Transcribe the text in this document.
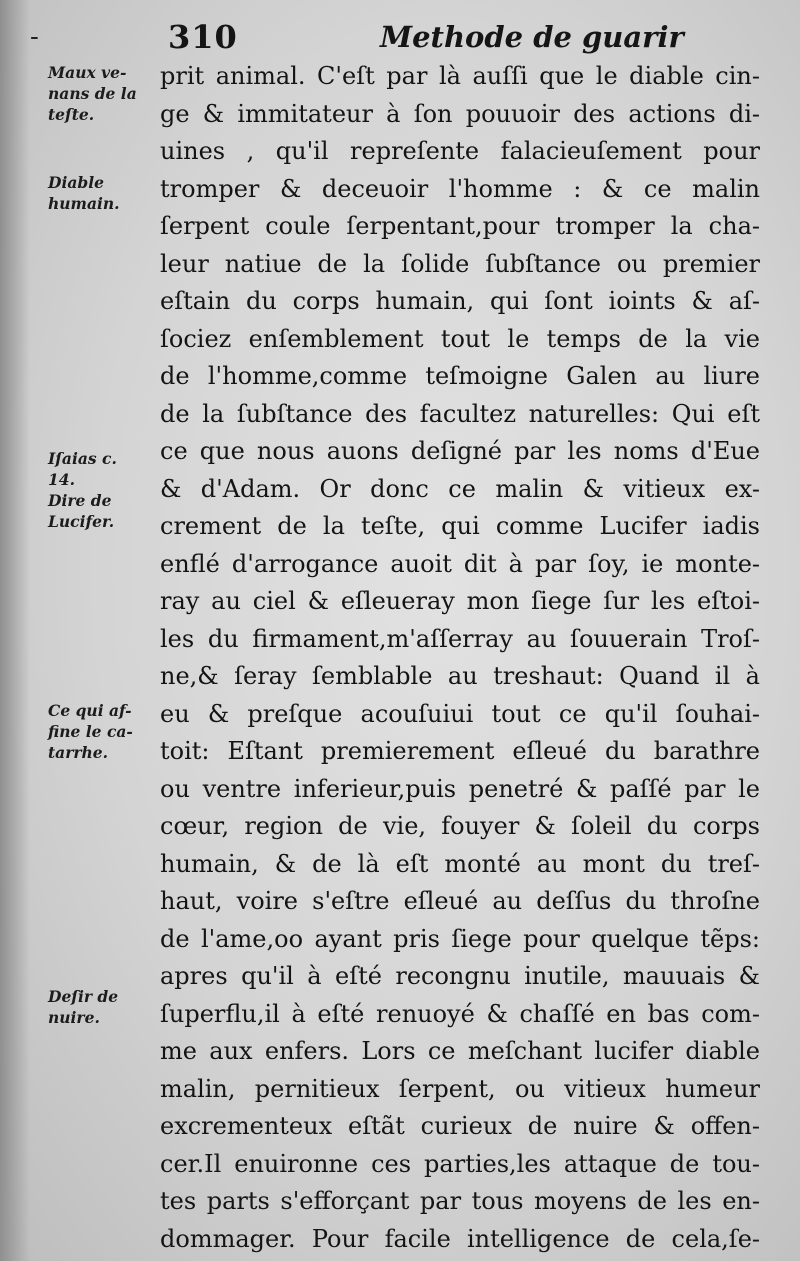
-	310	Methode de guarir
Maux ve-
nans de la
teſte.
Diable
humain.
Iſaias c.
14.
Dire de
Lucifer.
Ce qui af-
fine le ca-
tarrhe.
Deſir de
nuire.
prit animal. C'eſt par là auſſi que le diable cin-
ge & immitateur à ſon pouuoir des actions di-
uines , qu'il repreſente falacieuſement pour
tromper & deceuoir l'homme : & ce malin
ſerpent coule ſerpentant,pour tromper la cha-
leur natiue de la ſolide ſubſtance ou premier
eſtain du corps humain, qui ſont ioints & aſ-
ſociez enſemblement tout le temps de la vie
de l'homme,comme teſmoigne Galen au liure
de la ſubſtance des facultez naturelles: Qui eſt
ce que nous auons deſigné par les noms d'Eue
& d'Adam. Or donc ce malin & vitieux ex-
crement de la teſte, qui comme Lucifer iadis
enflé d'arrogance auoit dit à par ſoy, ie monte-
ray au ciel & eſleueray mon ſiege ſur les eſtoi-
les du firmament,m'aſſerray au ſouuerain Troſ-
ne,& ſeray ſemblable au treshaut: Quand il à
eu & preſque acouſuiui tout ce qu'il ſouhai-
toit: Eſtant premierement eſleué du barathre
ou ventre inferieur,puis penetré & paſſé par le
cœur, region de vie, fouyer & ſoleil du corps
humain, & de là eſt monté au mont du treſ-
haut, voire s'eſtre eſleué au deſſus du throſne
de l'ame,oo ayant pris ſiege pour quelque tẽps:
apres qu'il à eſté recongnu inutile, mauuais &
ſuperflu,il à eſté renuoyé & chaſſé en bas com-
me aux enfers. Lors ce meſchant lucifer diable
malin, pernitieux ſerpent, ou vitieux humeur
excrementeux eſtãt curieux de nuire & offen-
cer.Il enuironne ces parties,les attaque de tou-
tes parts s'efforçant par tous moyens de les en-
dommager. Pour facile intelligence de cela,ſe-
